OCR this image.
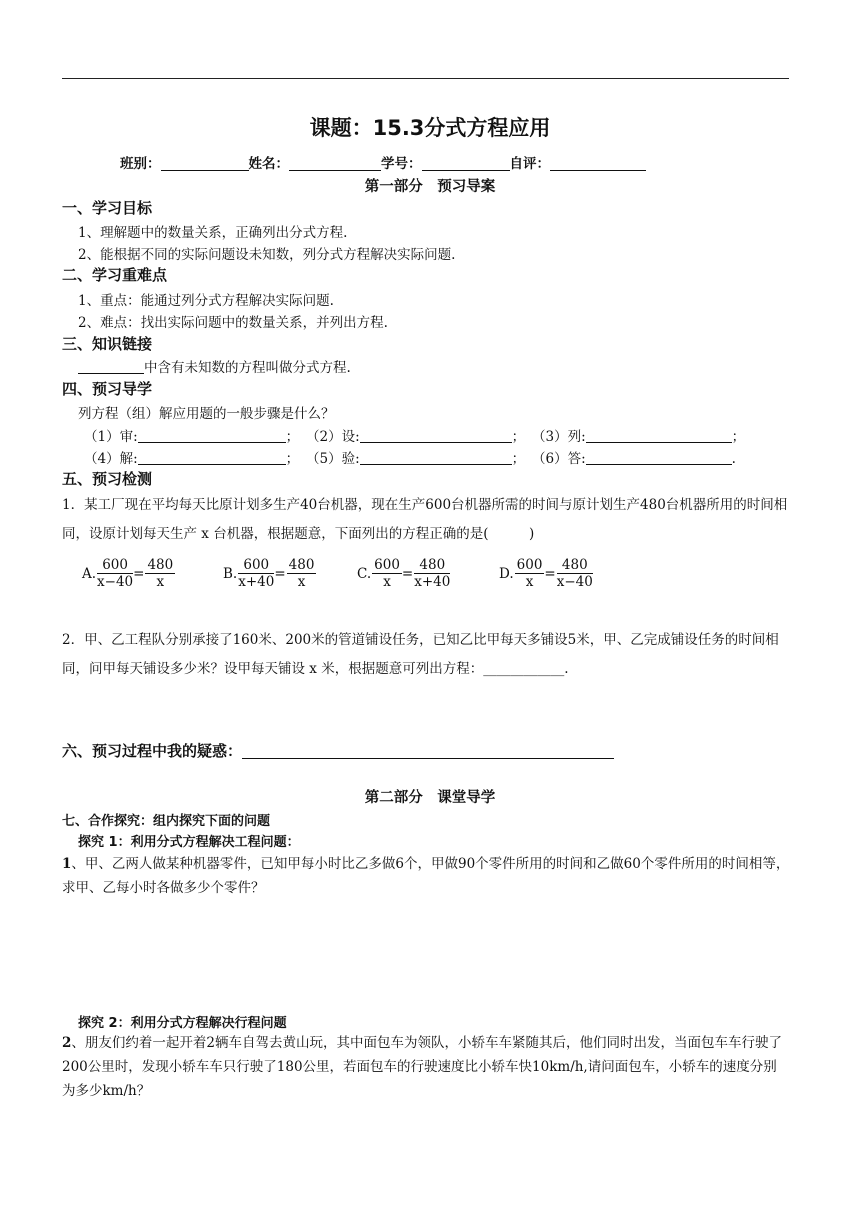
课题：15.3分式方程应用
班别：	姓名：	学号：	自评：
第一部分　预习导案
一、学习目标
1、理解题中的数量关系，正确列出分式方程.
2、能根据不同的实际问题设未知数，列分式方程解决实际问题.
二、学习重难点
1、重点：能通过列分式方程解决实际问题.
2、难点：找出实际问题中的数量关系，并列出方程.
三、知识链接
中含有未知数的方程叫做分式方程.
四、预习导学
列方程（组）解应用题的一般步骤是什么？
（1）审:	； （2）设:	； （3）列:	；
（4）解:	； （5）验:	； （6）答:	.
五、预习检测
1．某工厂现在平均每天比原计划多生产40台机器，现在生产600台机器所需的时间与原计划生产480台机器所用的时间相同，设原计划每天生产 x 台机器，根据题意，下面列出的方程正确的是(　　　)
A. $\frac{600}{x-40} = \frac{480}{x}$	B. $\frac{600}{x+40} = \frac{480}{x}$	C. $\frac{600}{x} = \frac{480}{x+40}$	D. $\frac{600}{x} = \frac{480}{x-40}$
2．甲、乙工程队分别承接了160米、200米的管道铺设任务，已知乙比甲每天多铺设5米，甲、乙完成铺设任务的时间相同，问甲每天铺设多少米？设甲每天铺设 x 米，根据题意可列出方程：____________.
六、预习过程中我的疑惑：
第二部分　课堂导学
七、合作探究：组内探究下面的问题
探究 1：利用分式方程解决工程问题：
1、甲、乙两人做某种机器零件，已知甲每小时比乙多做6个，甲做90个零件所用的时间和乙做60个零件所用的时间相等，求甲、乙每小时各做多少个零件？
探究 2：利用分式方程解决行程问题
2、朋友们约着一起开着2辆车自驾去黄山玩，其中面包车为领队，小轿车车紧随其后，他们同时出发，当面包车车行驶了200公里时，发现小轿车车只行驶了180公里，若面包车的行驶速度比小轿车快10km/h,请问面包车，小轿车的速度分别为多少km/h？
